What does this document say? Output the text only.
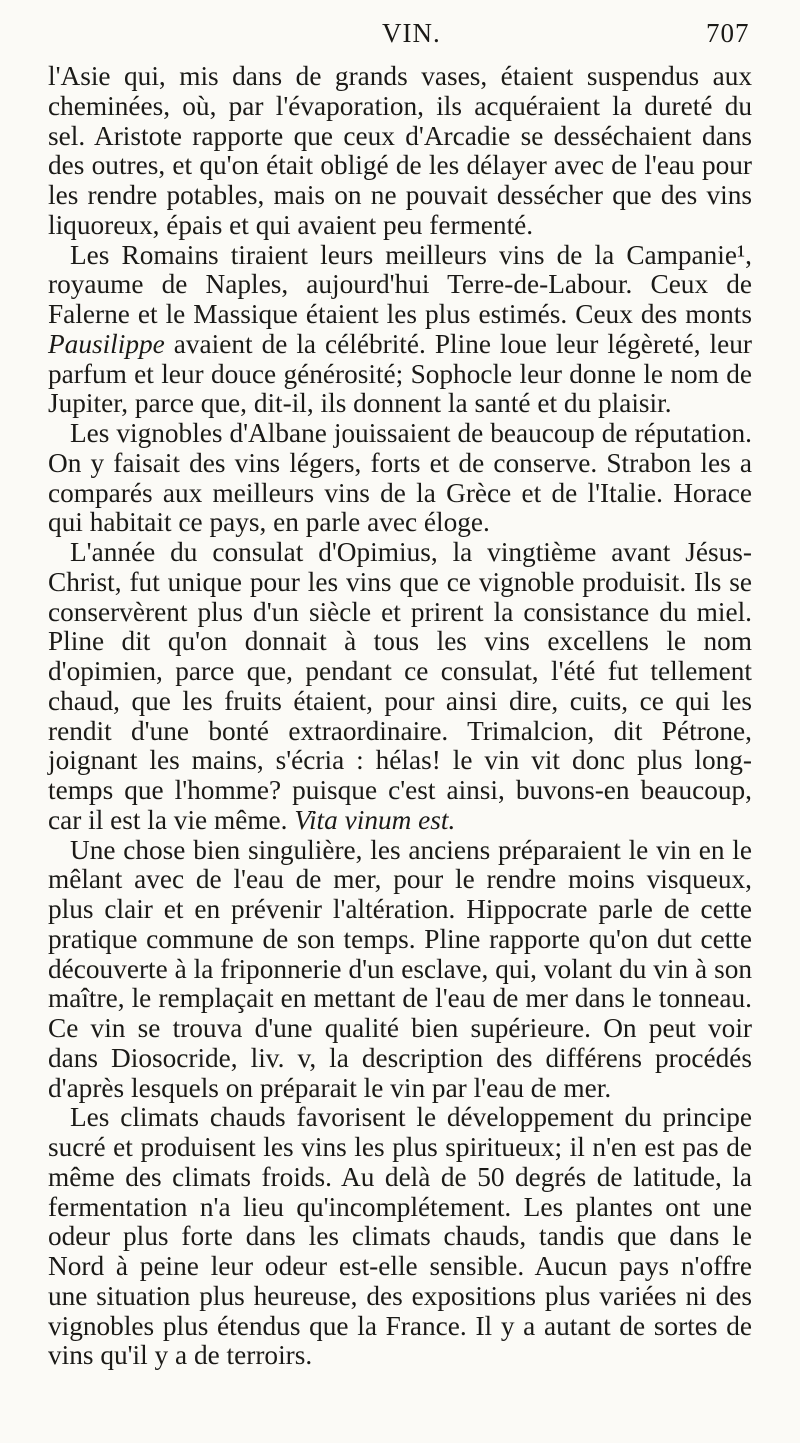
VIN.	707

l'Asie qui, mis dans de grands vases, étaient suspendus aux cheminées, où, par l'évaporation, ils acquéraient la dureté du sel. Aristote rapporte que ceux d'Arcadie se desséchaient dans des outres, et qu'on était obligé de les délayer avec de l'eau pour les rendre potables, mais on ne pouvait dessécher que des vins liquoreux, épais et qui avaient peu fermenté.

Les Romains tiraient leurs meilleurs vins de la Campanie¹, royaume de Naples, aujourd'hui Terre-de-Labour. Ceux de Falerne et le Massique étaient les plus estimés. Ceux des monts Pausilippe avaient de la célébrité. Pline loue leur légèreté, leur parfum et leur douce générosité; Sophocle leur donne le nom de Jupiter, parce que, dit-il, ils donnent la santé et du plaisir.

Les vignobles d'Albane jouissaient de beaucoup de réputation. On y faisait des vins légers, forts et de conserve. Strabon les a comparés aux meilleurs vins de la Grèce et de l'Italie. Horace qui habitait ce pays, en parle avec éloge.

L'année du consulat d'Opimius, la vingtième avant Jésus-Christ, fut unique pour les vins que ce vignoble produisit. Ils se conservèrent plus d'un siècle et prirent la consistance du miel. Pline dit qu'on donnait à tous les vins excellens le nom d'opimien, parce que, pendant ce consulat, l'été fut tellement chaud, que les fruits étaient, pour ainsi dire, cuits, ce qui les rendit d'une bonté extraordinaire. Trimalcion, dit Pétrone, joignant les mains, s'écria : hélas! le vin vit donc plus long-temps que l'homme? puisque c'est ainsi, buvons-en beaucoup, car il est la vie même. Vita vinum est.

Une chose bien singulière, les anciens préparaient le vin en le mêlant avec de l'eau de mer, pour le rendre moins visqueux, plus clair et en prévenir l'altération. Hippocrate parle de cette pratique commune de son temps. Pline rapporte qu'on dut cette découverte à la friponnerie d'un esclave, qui, volant du vin à son maître, le remplaçait en mettant de l'eau de mer dans le tonneau. Ce vin se trouva d'une qualité bien supérieure. On peut voir dans Diosocride, liv. v, la description des différens procédés d'après lesquels on préparait le vin par l'eau de mer.

Les climats chauds favorisent le développement du principe sucré et produisent les vins les plus spiritueux; il n'en est pas de même des climats froids. Au delà de 50 degrés de latitude, la fermentation n'a lieu qu'incomplétement. Les plantes ont une odeur plus forte dans les climats chauds, tandis que dans le Nord à peine leur odeur est-elle sensible. Aucun pays n'offre une situation plus heureuse, des expositions plus variées ni des vignobles plus étendus que la France. Il y a autant de sortes de vins qu'il y a de terroirs.
